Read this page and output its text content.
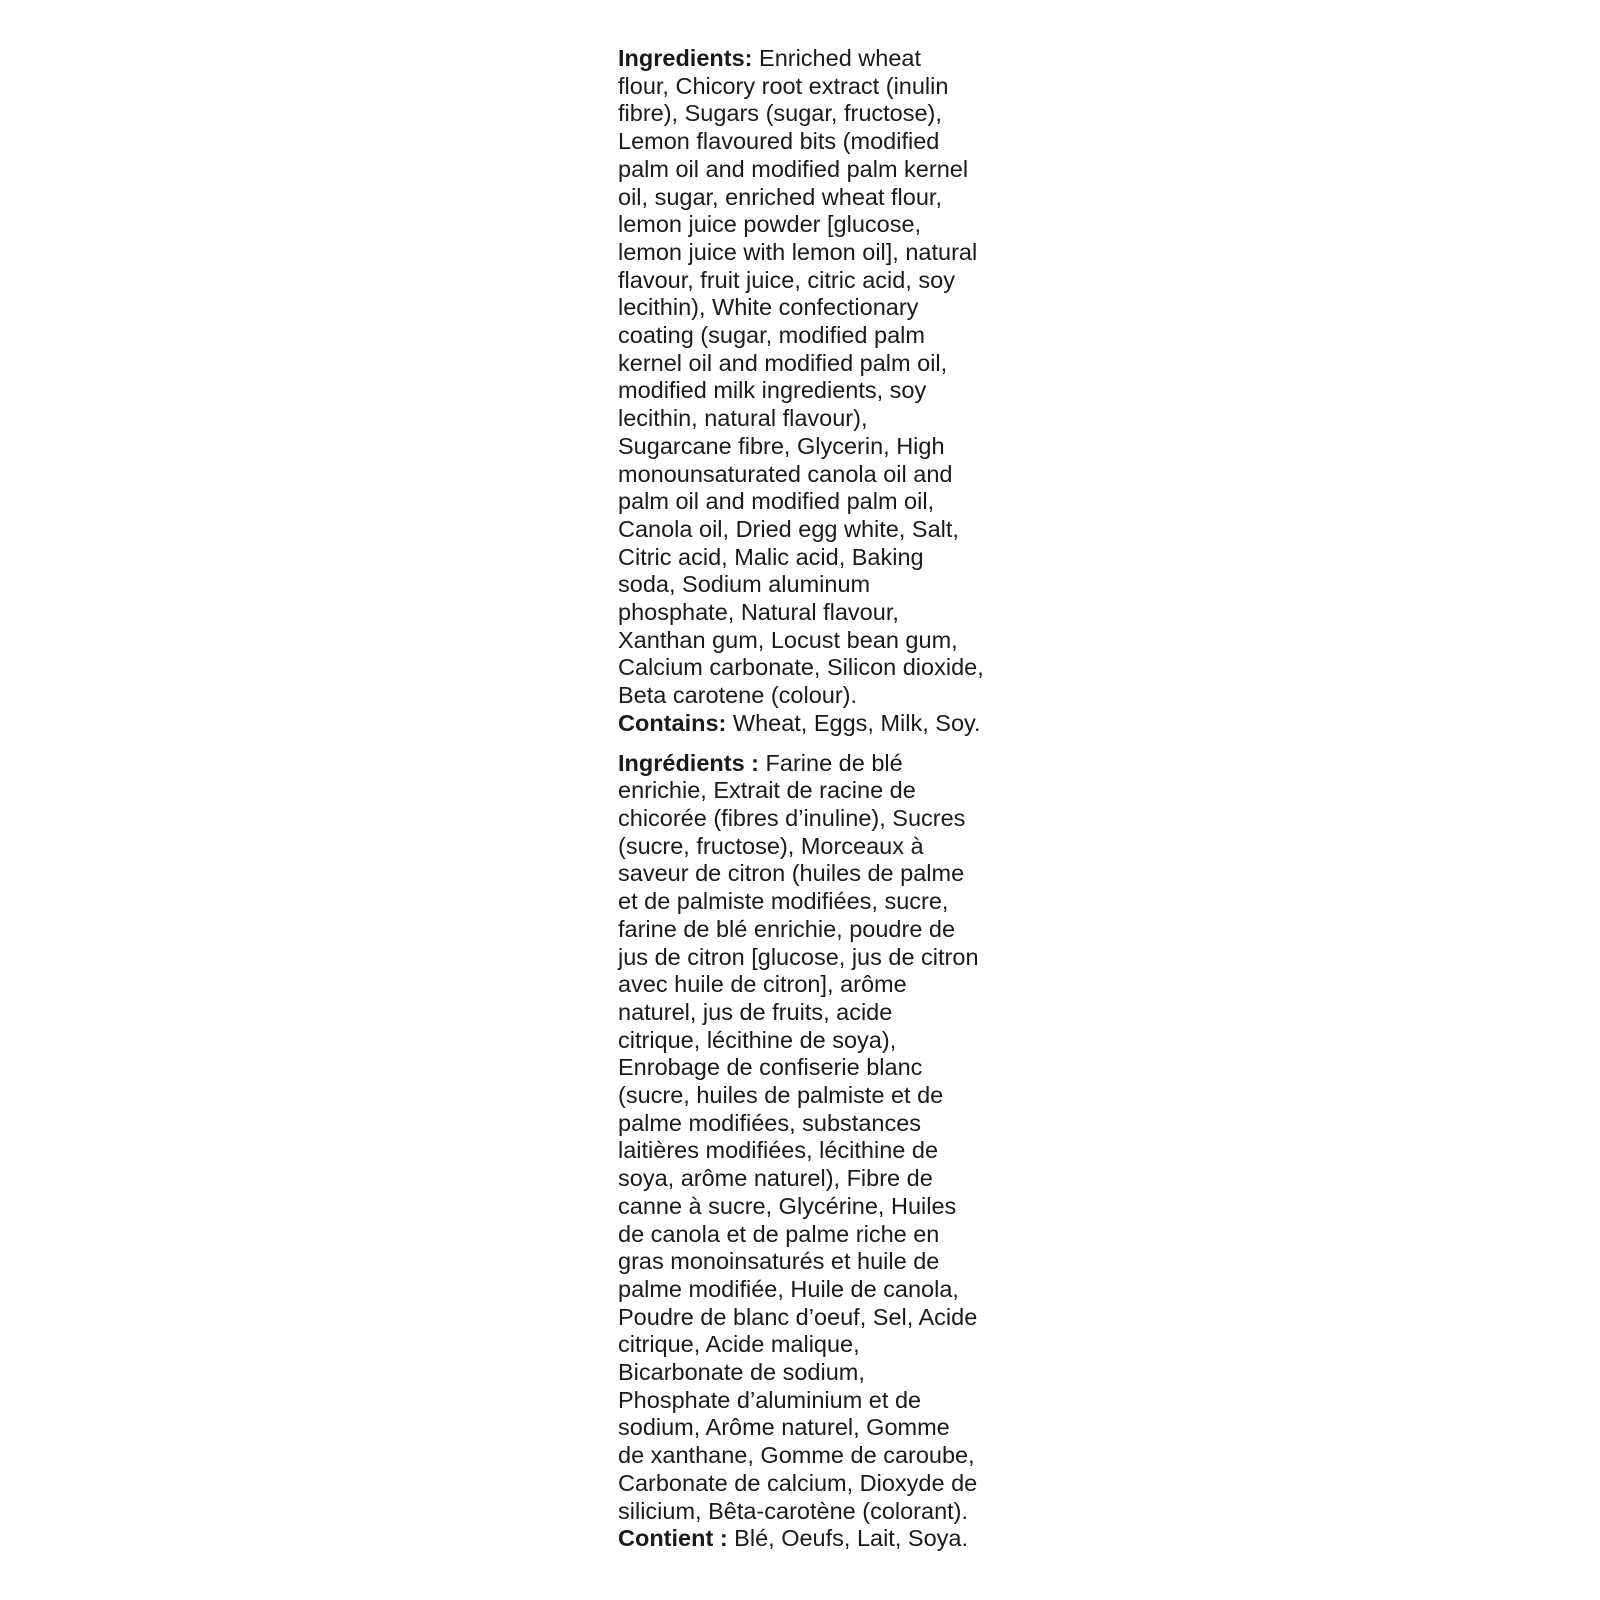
Ingredients: Enriched wheat
flour, Chicory root extract (inulin
fibre), Sugars (sugar, fructose),
Lemon flavoured bits (modified
palm oil and modified palm kernel
oil, sugar, enriched wheat flour,
lemon juice powder [glucose,
lemon juice with lemon oil], natural
flavour, fruit juice, citric acid, soy
lecithin), White confectionary
coating (sugar, modified palm
kernel oil and modified palm oil,
modified milk ingredients, soy
lecithin, natural flavour),
Sugarcane fibre, Glycerin, High
monounsaturated canola oil and
palm oil and modified palm oil,
Canola oil, Dried egg white, Salt,
Citric acid, Malic acid, Baking
soda, Sodium aluminum
phosphate, Natural flavour,
Xanthan gum, Locust bean gum,
Calcium carbonate, Silicon dioxide,
Beta carotene (colour).
Contains: Wheat, Eggs, Milk, Soy.
Ingrédients : Farine de blé
enrichie, Extrait de racine de
chicorée (fibres d’inuline), Sucres
(sucre, fructose), Morceaux à
saveur de citron (huiles de palme
et de palmiste modifiées, sucre,
farine de blé enrichie, poudre de
jus de citron [glucose, jus de citron
avec huile de citron], arôme
naturel, jus de fruits, acide
citrique, lécithine de soya),
Enrobage de confiserie blanc
(sucre, huiles de palmiste et de
palme modifiées, substances
laitières modifiées, lécithine de
soya, arôme naturel), Fibre de
canne à sucre, Glycérine, Huiles
de canola et de palme riche en
gras monoinsaturés et huile de
palme modifiée, Huile de canola,
Poudre de blanc d’oeuf, Sel, Acide
citrique, Acide malique,
Bicarbonate de sodium,
Phosphate d’aluminium et de
sodium, Arôme naturel, Gomme
de xanthane, Gomme de caroube,
Carbonate de calcium, Dioxyde de
silicium, Bêta-carotène (colorant).
Contient : Blé, Oeufs, Lait, Soya.
